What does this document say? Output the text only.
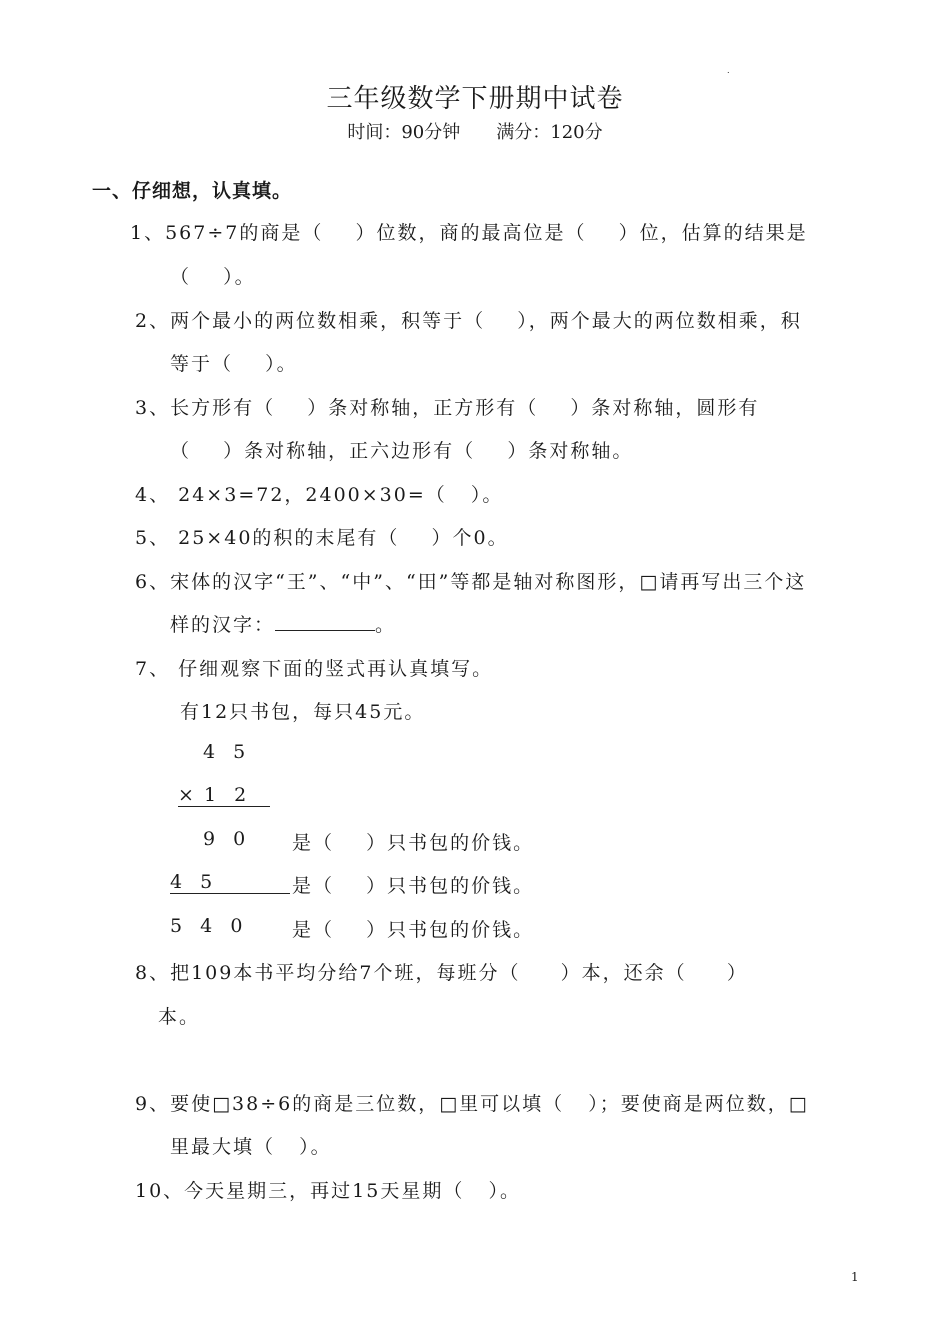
.
三年级数学下册期中试卷
时间：90分钟 满分：120分
一、仔细想，认真填。
1、567÷7的商是（    ）位数，商的最高位是（    ）位，估算的结果是
（    ）。
2、两个最小的两位数相乘，积等于（    ），两个最大的两位数相乘，积
等于（    ）。
3、长方形有（    ）条对称轴，正方形有（    ）条对称轴，圆形有
（    ）条对称轴，正六边形有（    ）条对称轴。
4、 24×3=72，2400×30=（   ）。
5、 25×40的积的末尾有（    ）个0。
6、宋体的汉字“王”、“中”、“田”等都是轴对称图形，□请再写出三个这
样的汉字：	。
7、 仔细观察下面的竖式再认真填写。
有12只书包，每只45元。
4  5
× 1  2
9  0 是（    ）只书包的价钱。
4  5 是（    ）只书包的价钱。
5  4  0	是（    ）只书包的价钱。
8、把109本书平均分给7个班，每班分（     ）本，还余（     ）
本。
9、要使□38÷6的商是三位数，□里可以填（   ）；要使商是两位数，□
里最大填（   ）。
10、今天星期三，再过15天星期（   ）。
1
